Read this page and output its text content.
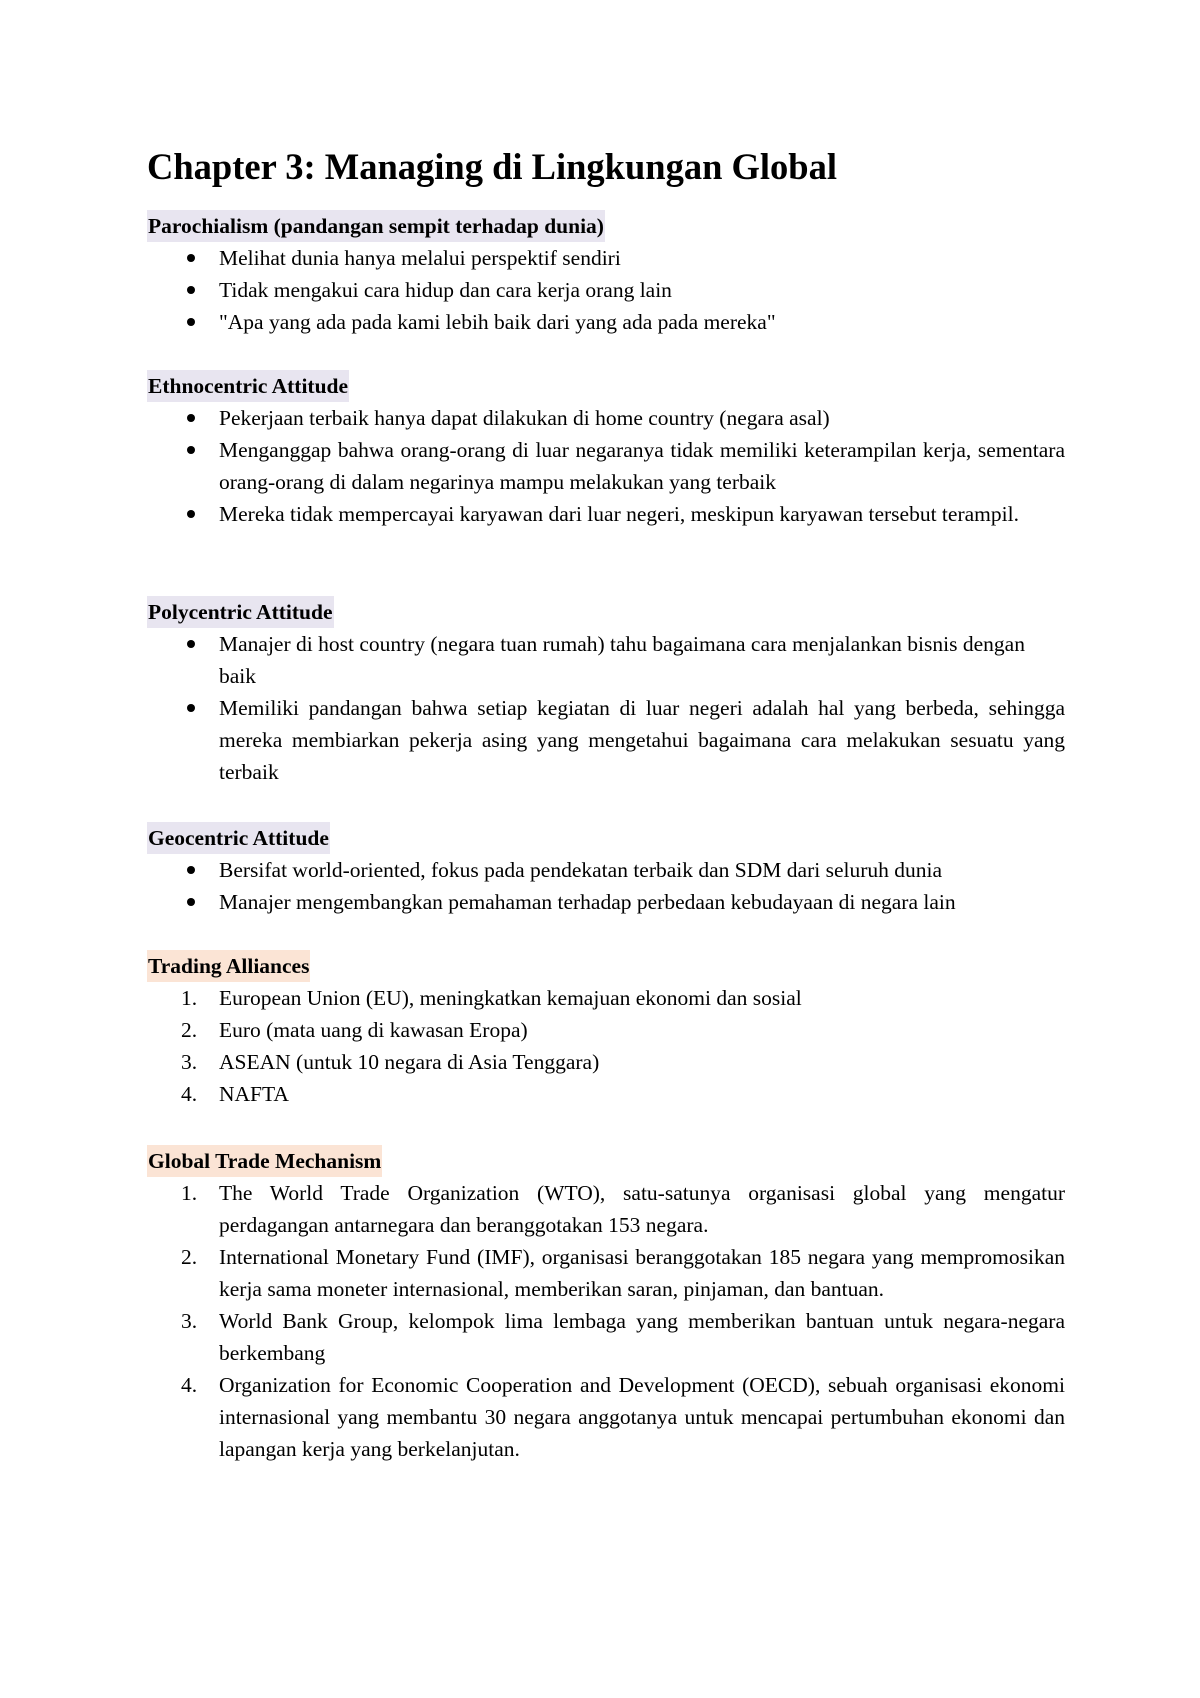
Chapter 3: Managing di Lingkungan Global
Parochialism (pandangan sempit terhadap dunia)
Melihat dunia hanya melalui perspektif sendiri
Tidak mengakui cara hidup dan cara kerja orang lain
"Apa yang ada pada kami lebih baik dari yang ada pada mereka"
Ethnocentric Attitude
Pekerjaan terbaik hanya dapat dilakukan di home country (negara asal)
Menganggap bahwa orang-orang di luar negaranya tidak memiliki keterampilan kerja, sementara orang-orang di dalam negarinya mampu melakukan yang terbaik
Mereka tidak mempercayai karyawan dari luar negeri, meskipun karyawan tersebut terampil.
Polycentric Attitude
Manajer di host country (negara tuan rumah) tahu bagaimana cara menjalankan bisnis dengan baik
Memiliki pandangan bahwa setiap kegiatan di luar negeri adalah hal yang berbeda, sehingga mereka membiarkan pekerja asing yang mengetahui bagaimana cara melakukan sesuatu yang terbaik
Geocentric Attitude
Bersifat world-oriented, fokus pada pendekatan terbaik dan SDM dari seluruh dunia
Manajer mengembangkan pemahaman terhadap perbedaan kebudayaan di negara lain
Trading Alliances
1.	European Union (EU), meningkatkan kemajuan ekonomi dan sosial
2.	Euro (mata uang di kawasan Eropa)
3.	ASEAN (untuk 10 negara di Asia Tenggara)
4.	NAFTA
Global Trade Mechanism
1.	The World Trade Organization (WTO), satu-satunya organisasi global yang mengatur perdagangan antarnegara dan beranggotakan 153 negara.
2.	International Monetary Fund (IMF), organisasi beranggotakan 185 negara yang mempromosikan kerja sama moneter internasional, memberikan saran, pinjaman, dan bantuan.
3.	World Bank Group, kelompok lima lembaga yang memberikan bantuan untuk negara-negara berkembang
4.	Organization for Economic Cooperation and Development (OECD), sebuah organisasi ekonomi internasional yang membantu 30 negara anggotanya untuk mencapai pertumbuhan ekonomi dan lapangan kerja yang berkelanjutan.
